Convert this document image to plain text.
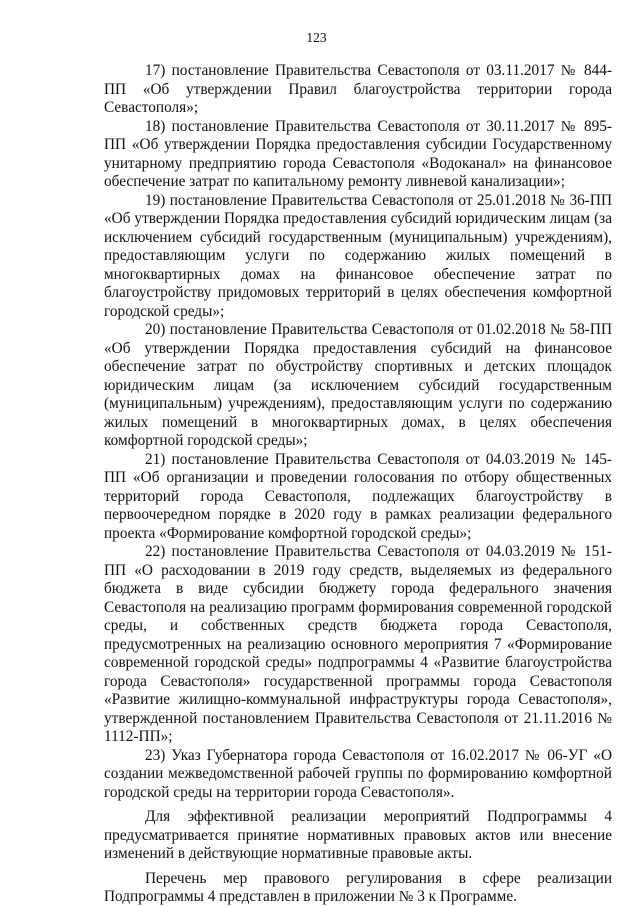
123

17) постановление Правительства Севастополя от 03.11.2017 № 844-ПП «Об утверждении Правил благоустройства территории города Севастополя»;

18) постановление Правительства Севастополя от 30.11.2017 № 895-ПП «Об утверждении Порядка предоставления субсидии Государственному унитарному предприятию города Севастополя «Водоканал» на финансовое обеспечение затрат по капитальному ремонту ливневой канализации»;

19) постановление Правительства Севастополя от 25.01.2018 № 36-ПП «Об утверждении Порядка предоставления субсидий юридическим лицам (за исключением субсидий государственным (муниципальным) учреждениям), предоставляющим услуги по содержанию жилых помещений в многоквартирных домах на финансовое обеспечение затрат по благоустройству придомовых территорий в целях обеспечения комфортной городской среды»;

20) постановление Правительства Севастополя от 01.02.2018 № 58-ПП «Об утверждении Порядка предоставления субсидий на финансовое обеспечение затрат по обустройству спортивных и детских площадок юридическим лицам (за исключением субсидий государственным (муниципальным) учреждениям), предоставляющим услуги по содержанию жилых помещений в многоквартирных домах, в целях обеспечения комфортной городской среды»;

21) постановление Правительства Севастополя от 04.03.2019 № 145-ПП «Об организации и проведении голосования по отбору общественных территорий города Севастополя, подлежащих благоустройству в первоочередном порядке в 2020 году в рамках реализации федерального проекта «Формирование комфортной городской среды»;

22) постановление Правительства Севастополя от 04.03.2019 № 151-ПП «О расходовании в 2019 году средств, выделяемых из федерального бюджета в виде субсидии бюджету города федерального значения Севастополя на реализацию программ формирования современной городской среды, и собственных средств бюджета города Севастополя, предусмотренных на реализацию основного мероприятия 7 «Формирование современной городской среды» подпрограммы 4 «Развитие благоустройства города Севастополя» государственной программы города Севастополя «Развитие жилищно-коммунальной инфраструктуры города Севастополя», утвержденной постановлением Правительства Севастополя от 21.11.2016 № 1112-ПП»;

23) Указ Губернатора города Севастополя от 16.02.2017 № 06-УГ «О создании межведомственной рабочей группы по формированию комфортной городской среды на территории города Севастополя».

Для эффективной реализации мероприятий Подпрограммы 4 предусматривается принятие нормативных правовых актов или внесение изменений в действующие нормативные правовые акты.

Перечень мер правового регулирования в сфере реализации Подпрограммы 4 представлен в приложении № 3 к Программе.
